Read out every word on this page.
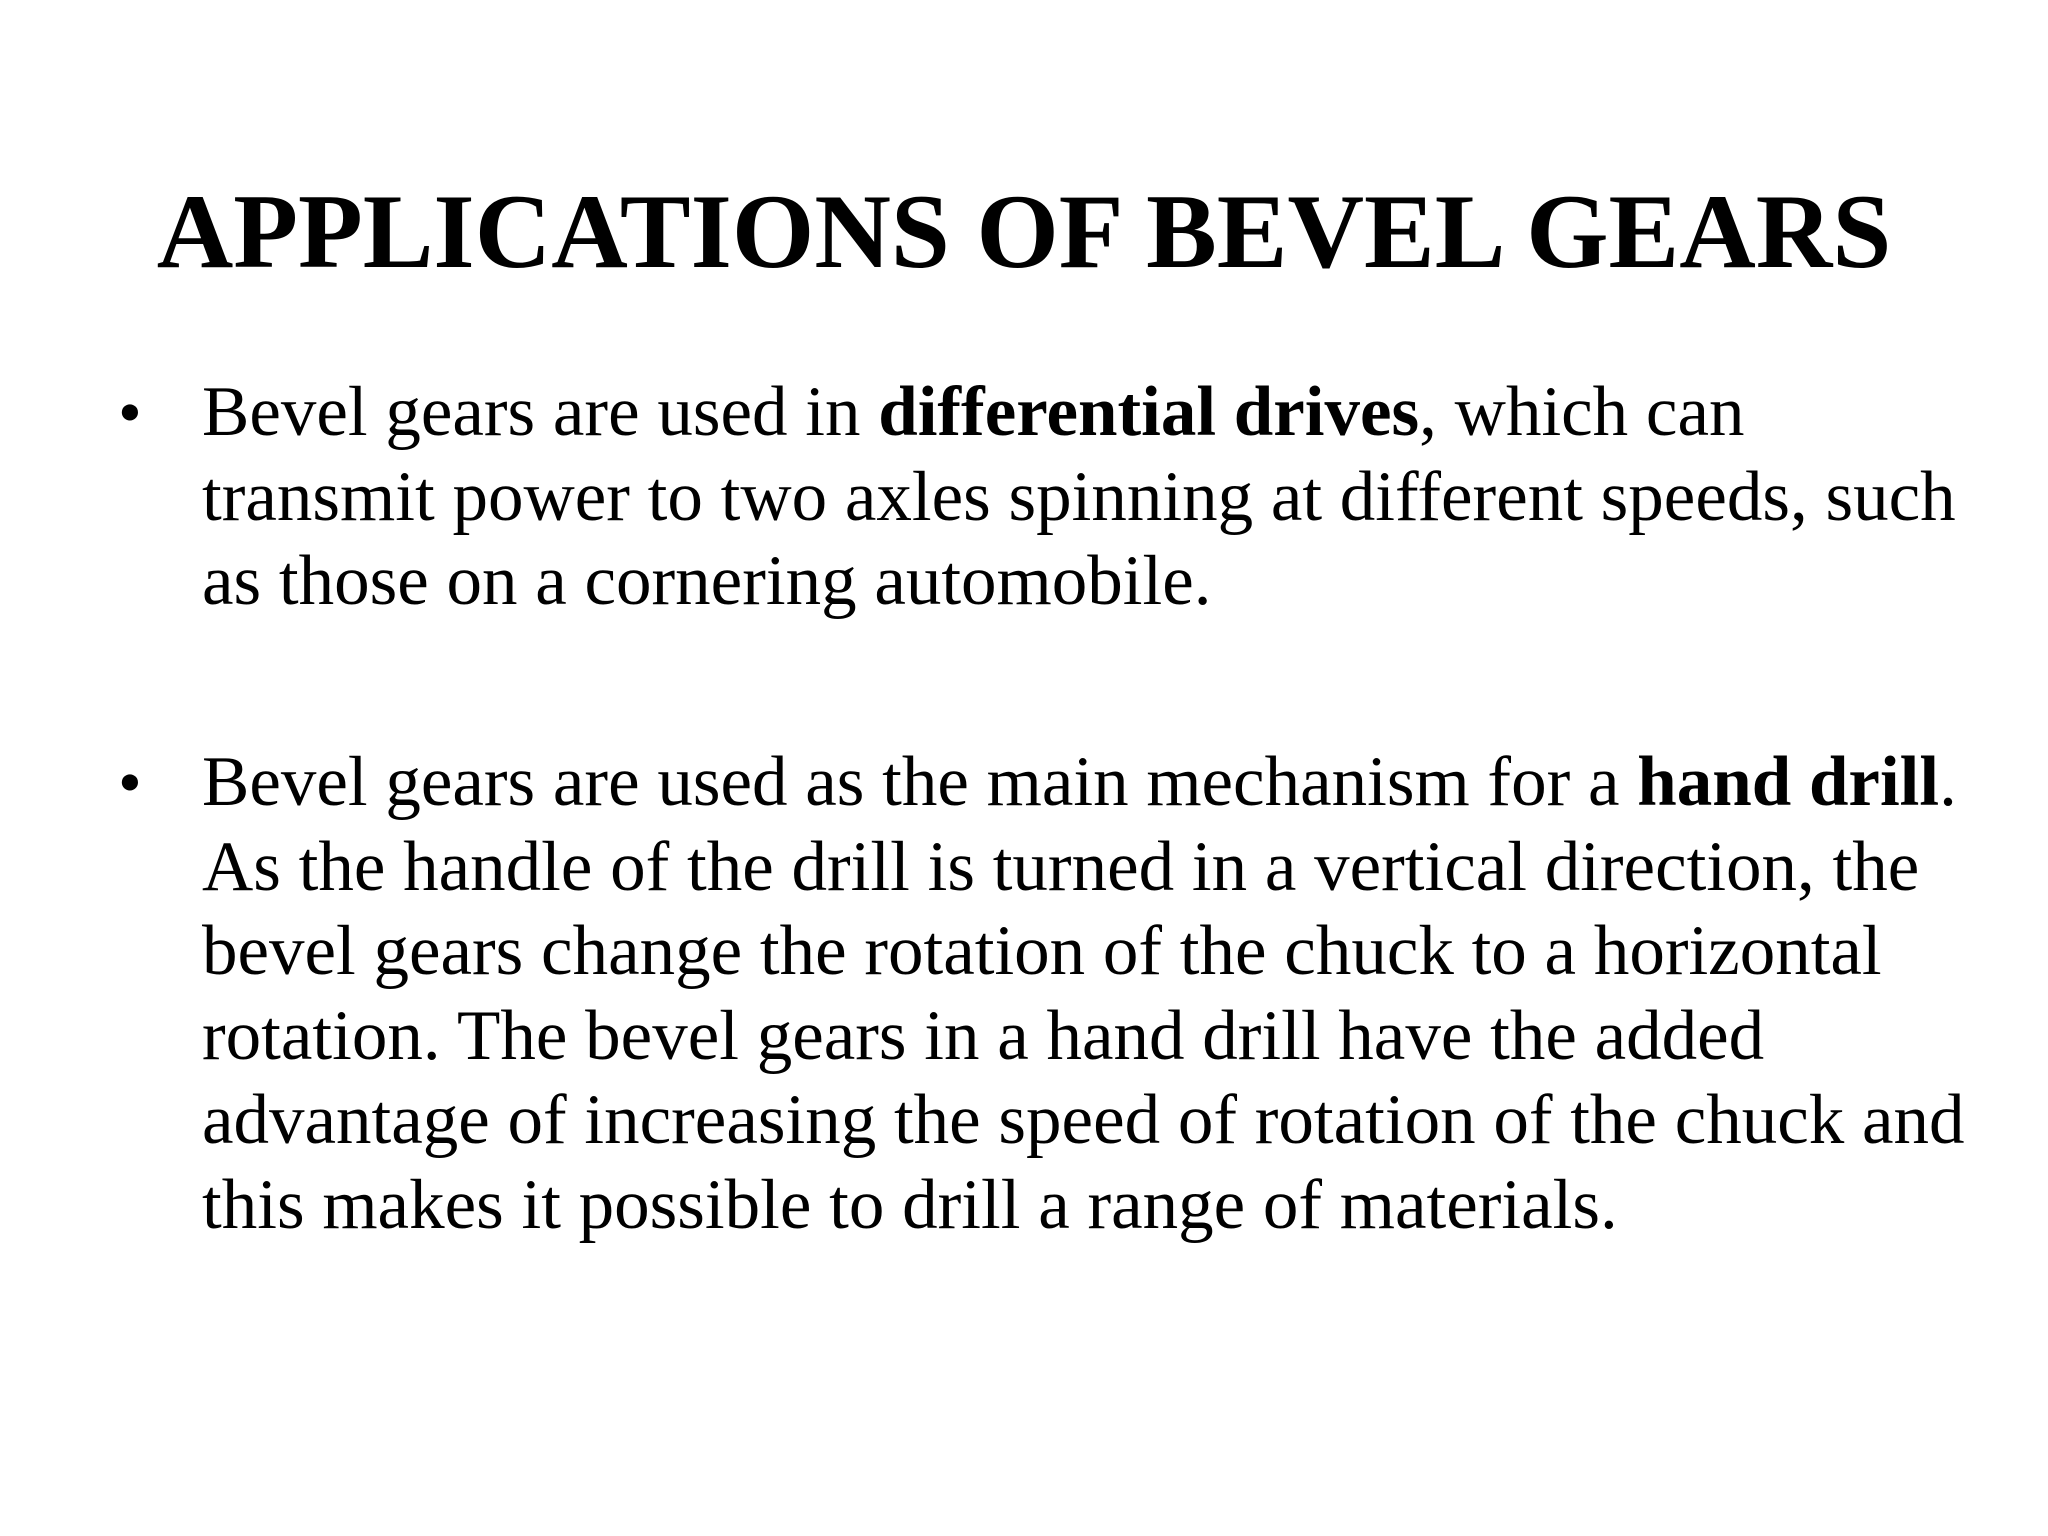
APPLICATIONS OF BEVEL GEARS
• Bevel gears are used in differential drives, which can transmit power to two axles spinning at different speeds, such as those on a cornering automobile.

• Bevel gears are used as the main mechanism for a hand drill. As the handle of the drill is turned in a vertical direction, the bevel gears change the rotation of the chuck to a horizontal rotation. The bevel gears in a hand drill have the added advantage of increasing the speed of rotation of the chuck and this makes it possible to drill a range of materials.
